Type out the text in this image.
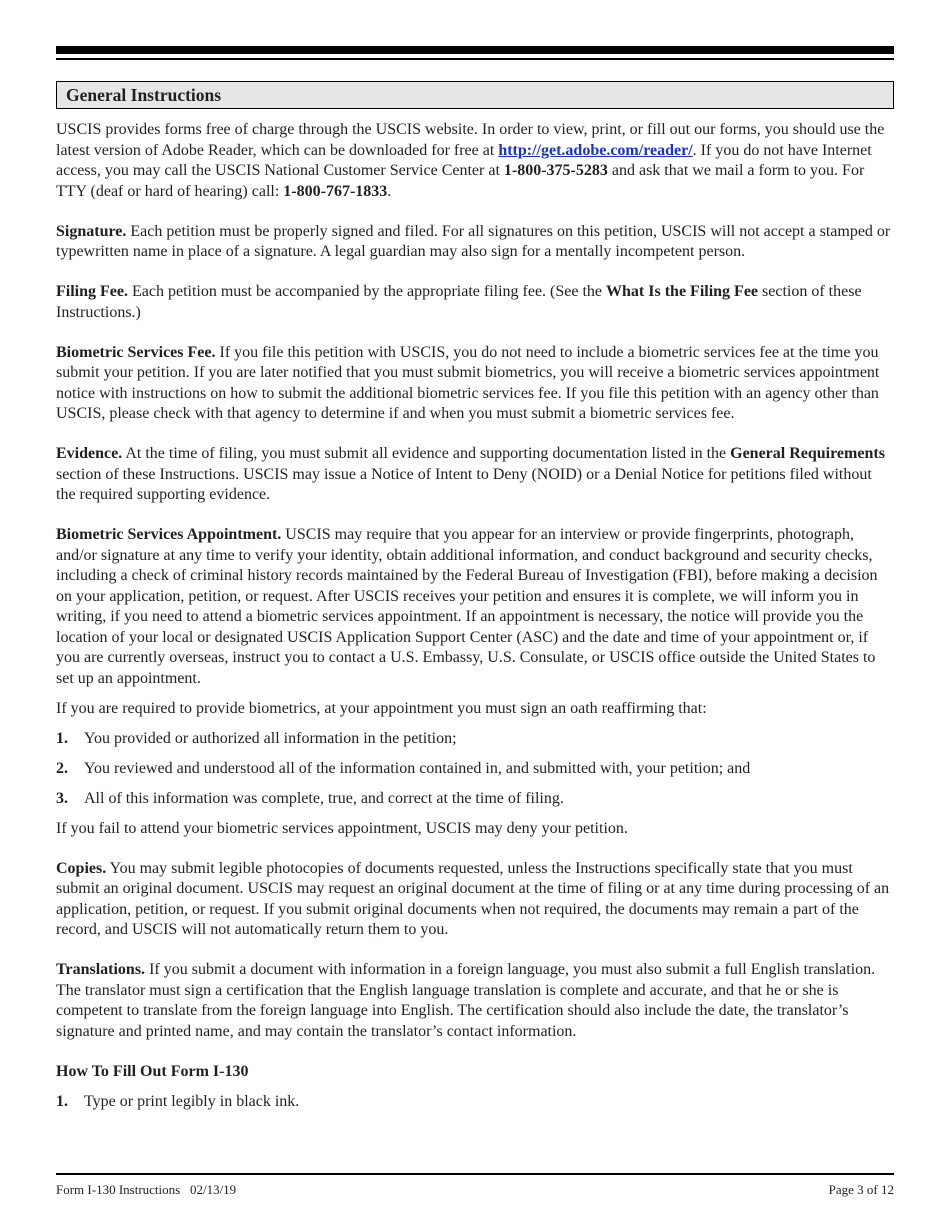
General Instructions

USCIS provides forms free of charge through the USCIS website. In order to view, print, or fill out our forms, you should use the latest version of Adobe Reader, which can be downloaded for free at http://get.adobe.com/reader/. If you do not have Internet access, you may call the USCIS National Customer Service Center at 1-800-375-5283 and ask that we mail a form to you. For TTY (deaf or hard of hearing) call: 1-800-767-1833.

Signature. Each petition must be properly signed and filed. For all signatures on this petition, USCIS will not accept a stamped or typewritten name in place of a signature. A legal guardian may also sign for a mentally incompetent person.

Filing Fee. Each petition must be accompanied by the appropriate filing fee. (See the What Is the Filing Fee section of these Instructions.)

Biometric Services Fee. If you file this petition with USCIS, you do not need to include a biometric services fee at the time you submit your petition. If you are later notified that you must submit biometrics, you will receive a biometric services appointment notice with instructions on how to submit the additional biometric services fee. If you file this petition with an agency other than USCIS, please check with that agency to determine if and when you must submit a biometric services fee.

Evidence. At the time of filing, you must submit all evidence and supporting documentation listed in the General Requirements section of these Instructions. USCIS may issue a Notice of Intent to Deny (NOID) or a Denial Notice for petitions filed without the required supporting evidence.

Biometric Services Appointment. USCIS may require that you appear for an interview or provide fingerprints, photograph, and/or signature at any time to verify your identity, obtain additional information, and conduct background and security checks, including a check of criminal history records maintained by the Federal Bureau of Investigation (FBI), before making a decision on your application, petition, or request. After USCIS receives your petition and ensures it is complete, we will inform you in writing, if you need to attend a biometric services appointment. If an appointment is necessary, the notice will provide you the location of your local or designated USCIS Application Support Center (ASC) and the date and time of your appointment or, if you are currently overseas, instruct you to contact a U.S. Embassy, U.S. Consulate, or USCIS office outside the United States to set up an appointment.

If you are required to provide biometrics, at your appointment you must sign an oath reaffirming that:

1.	You provided or authorized all information in the petition;
2.	You reviewed and understood all of the information contained in, and submitted with, your petition; and
3.	All of this information was complete, true, and correct at the time of filing.

If you fail to attend your biometric services appointment, USCIS may deny your petition.

Copies. You may submit legible photocopies of documents requested, unless the Instructions specifically state that you must submit an original document. USCIS may request an original document at the time of filing or at any time during processing of an application, petition, or request. If you submit original documents when not required, the documents may remain a part of the record, and USCIS will not automatically return them to you.

Translations. If you submit a document with information in a foreign language, you must also submit a full English translation. The translator must sign a certification that the English language translation is complete and accurate, and that he or she is competent to translate from the foreign language into English. The certification should also include the date, the translator’s signature and printed name, and may contain the translator’s contact information.

How To Fill Out Form I-130
1.	Type or print legibly in black ink.
Form I-130 Instructions   02/13/19	Page 3 of 12
